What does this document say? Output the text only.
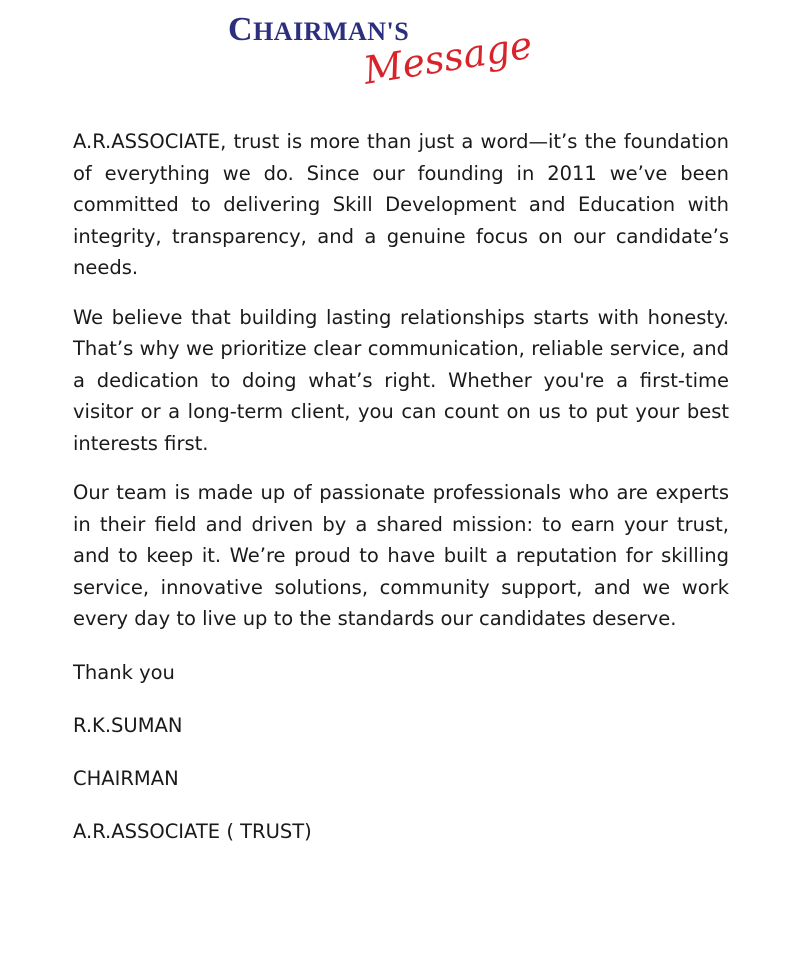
CHAIRMAN'S
Message

A.R.ASSOCIATE, trust is more than just a word—it’s the foundation of everything we do. Since our founding in 2011 we’ve been committed to delivering Skill Development and Education with integrity, transparency, and a genuine focus on our candidate’s needs.

We believe that building lasting relationships starts with honesty. That’s why we prioritize clear communication, reliable service, and a dedication to doing what’s right. Whether you're a first-time visitor or a long-term client, you can count on us to put your best interests first.

Our team is made up of passionate professionals who are experts in their field and driven by a shared mission: to earn your trust, and to keep it. We’re proud to have built a reputation for skilling service, innovative solutions, community support, and we work every day to live up to the standards our candidates deserve.

Thank you
R.K.SUMAN
CHAIRMAN
A.R.ASSOCIATE ( TRUST)
